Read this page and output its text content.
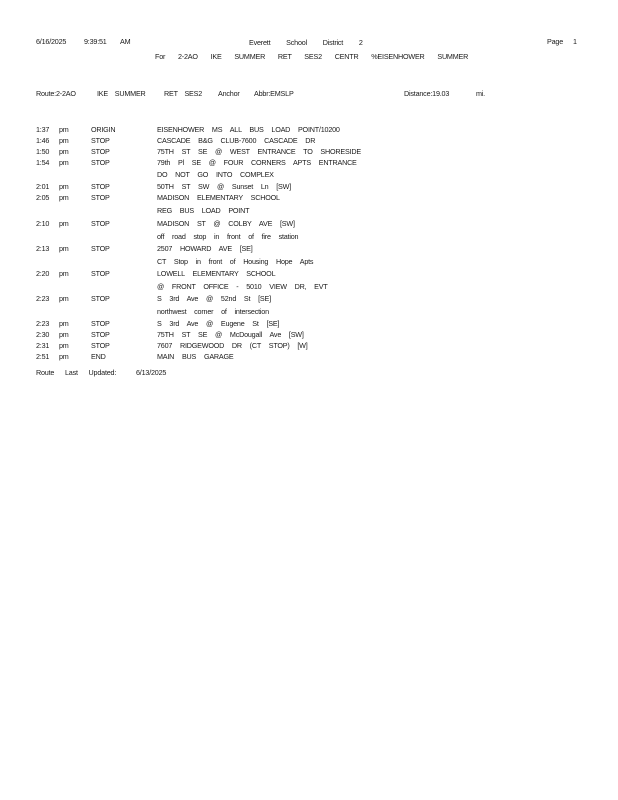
6/16/2025 9:39:51 AM	Everett School District 2	Page 1
For 2-2AO IKE SUMMER RET SES2 CENTR %EISENHOWER SUMMER
Route:2-2AO	IKE SUMMER	RET SES2 Anchor Abbr:EMSLP	Distance:19.03	mi.
1:37 pm	ORIGIN	EISENHOWER MS ALL BUS LOAD POINT/10200
1:46 pm	STOP	CASCADE B&G CLUB-7600 CASCADE DR
1:50 pm	STOP	75TH ST SE @ WEST ENTRANCE TO SHORESIDE
1:54 pm	STOP	79th Pl SE @ FOUR CORNERS APTS ENTRANCE
DO NOT GO INTO COMPLEX
2:01 pm	STOP	50TH ST SW @ Sunset Ln [SW]
2:05 pm	STOP	MADISON ELEMENTARY SCHOOL
REG BUS LOAD POINT
2:10 pm	STOP	MADISON ST @ COLBY AVE [SW]
off road stop in front of fire station
2:13 pm	STOP	2507 HOWARD AVE [SE]
CT Stop in front of Housing Hope Apts
2:20 pm	STOP	LOWELL ELEMENTARY SCHOOL
@ FRONT OFFICE - 5010 VIEW DR, EVT
2:23 pm	STOP	S 3rd Ave @ 52nd St [SE]
northwest corner of intersection
2:23 pm	STOP	S 3rd Ave @ Eugene St [SE]
2:30 pm	STOP	75TH ST SE @ McDougall Ave [SW]
2:31 pm	STOP	7607 RIDGEWOOD DR (CT STOP) [W]
2:51 pm	END	MAIN BUS GARAGE
Route Last Updated:	6/13/2025
